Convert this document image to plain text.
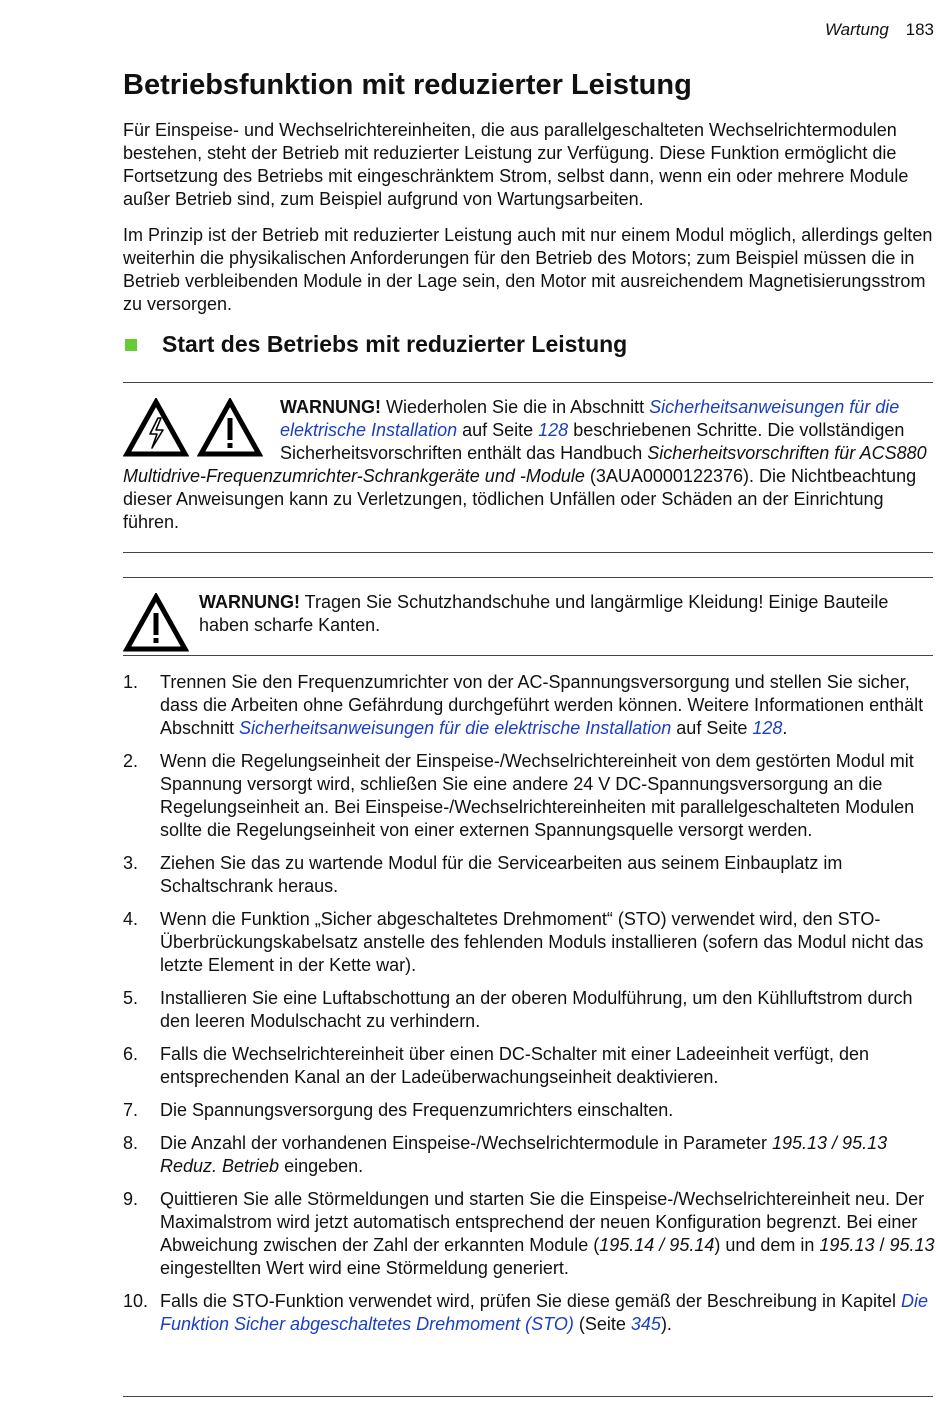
Wartung 183
Betriebsfunktion mit reduzierter Leistung

Für Einspeise- und Wechselrichtereinheiten, die aus parallelgeschalteten Wechselrichtermodulen bestehen, steht der Betrieb mit reduzierter Leistung zur Verfügung. Diese Funktion ermöglicht die Fortsetzung des Betriebs mit eingeschränktem Strom, selbst dann, wenn ein oder mehrere Module außer Betrieb sind, zum Beispiel aufgrund von Wartungsarbeiten.

Im Prinzip ist der Betrieb mit reduzierter Leistung auch mit nur einem Modul möglich, allerdings gelten weiterhin die physikalischen Anforderungen für den Betrieb des Motors; zum Beispiel müssen die in Betrieb verbleibenden Module in der Lage sein, den Motor mit ausreichendem Magnetisierungsstrom zu versorgen.

Start des Betriebs mit reduzierter Leistung

WARNUNG! Wiederholen Sie die in Abschnitt Sicherheitsanweisungen für die elektrische Installation auf Seite 128 beschriebenen Schritte. Die vollständigen Sicherheitsvorschriften enthält das Handbuch Sicherheitsvorschriften für ACS880 Multidrive-Frequenzumrichter-Schrankgeräte und -Module (3AUA0000122376). Die Nichtbeachtung dieser Anweisungen kann zu Verletzungen, tödlichen Unfällen oder Schäden an der Einrichtung führen.

WARNUNG! Tragen Sie Schutzhandschuhe und langärmlige Kleidung! Einige Bauteile haben scharfe Kanten.

1.	Trennen Sie den Frequenzumrichter von der AC-Spannungsversorgung und stellen Sie sicher, dass die Arbeiten ohne Gefährdung durchgeführt werden können. Weitere Informationen enthält Abschnitt Sicherheitsanweisungen für die elektrische Installation auf Seite 128.
2.	Wenn die Regelungseinheit der Einspeise-/Wechselrichtereinheit von dem gestörten Modul mit Spannung versorgt wird, schließen Sie eine andere 24 V DC-Spannungsversorgung an die Regelungseinheit an. Bei Einspeise-/Wechselrichtereinheiten mit parallelgeschalteten Modulen sollte die Regelungseinheit von einer externen Spannungsquelle versorgt werden.
3.	Ziehen Sie das zu wartende Modul für die Servicearbeiten aus seinem Einbauplatz im Schaltschrank heraus.
4.	Wenn die Funktion „Sicher abgeschaltetes Drehmoment“ (STO) verwendet wird, den STO-Überbrückungskabelsatz anstelle des fehlenden Moduls installieren (sofern das Modul nicht das letzte Element in der Kette war).
5.	Installieren Sie eine Luftabschottung an der oberen Modulführung, um den Kühlluftstrom durch den leeren Modulschacht zu verhindern.
6.	Falls die Wechselrichtereinheit über einen DC-Schalter mit einer Ladeeinheit verfügt, den entsprechenden Kanal an der Ladeüberwachungseinheit deaktivieren.
7.	Die Spannungsversorgung des Frequenzumrichters einschalten.
8.	Die Anzahl der vorhandenen Einspeise-/Wechselrichtermodule in Parameter 195.13 / 95.13 Reduz. Betrieb eingeben.
9.	Quittieren Sie alle Störmeldungen und starten Sie die Einspeise-/Wechselrichtereinheit neu. Der Maximalstrom wird jetzt automatisch entsprechend der neuen Konfiguration begrenzt. Bei einer Abweichung zwischen der Zahl der erkannten Module (195.14 / 95.14) und dem in 195.13 / 95.13 eingestellten Wert wird eine Störmeldung generiert.
10. Falls die STO-Funktion verwendet wird, prüfen Sie diese gemäß der Beschreibung in Kapitel Die Funktion Sicher abgeschaltetes Drehmoment (STO) (Seite 345).
